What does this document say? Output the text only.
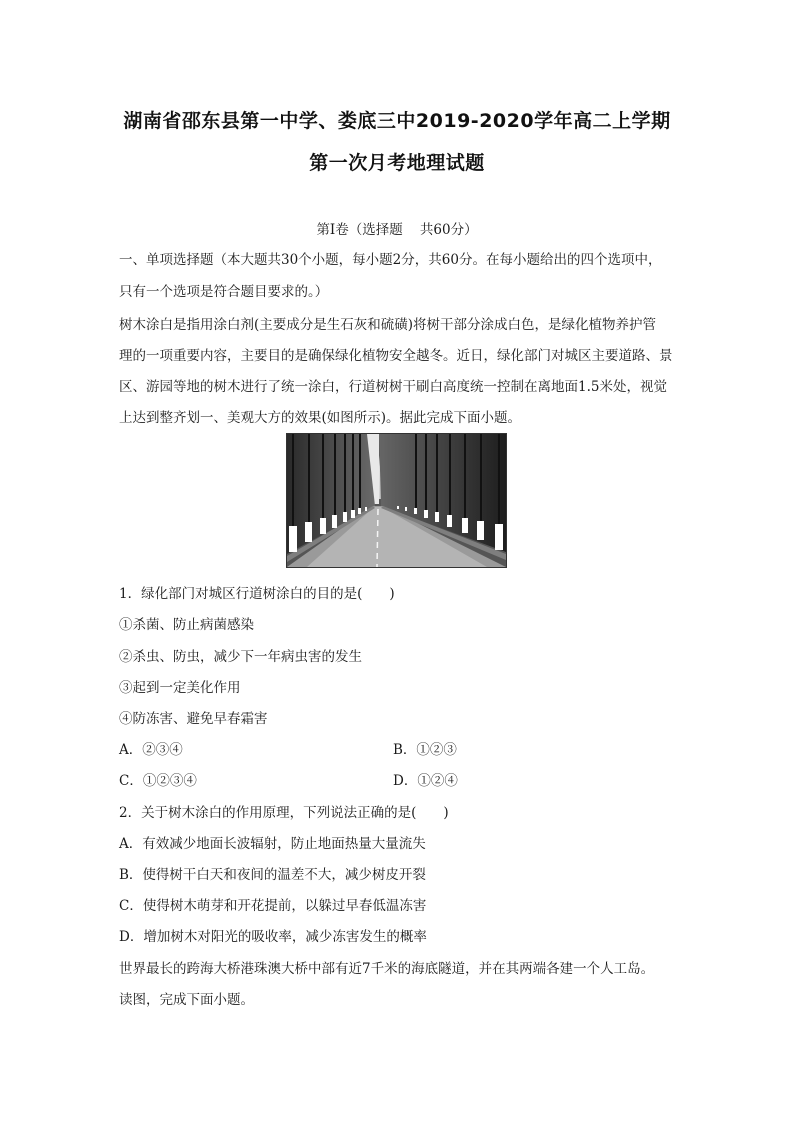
湖南省邵东县第一中学、娄底三中2019-2020学年高二上学期
第一次月考地理试题
第Ⅰ卷（选择题    共60分）
一、单项选择题（本大题共30个小题，每小题2分，共60分。在每小题给出的四个选项中，
只有一个选项是符合题目要求的。）
树木涂白是指用涂白剂(主要成分是生石灰和硫磺)将树干部分涂成白色，是绿化植物养护管
理的一项重要内容，主要目的是确保绿化植物安全越冬。近日，绿化部门对城区主要道路、景
区、游园等地的树木进行了统一涂白，行道树树干刷白高度统一控制在离地面1.5米处，视觉
上达到整齐划一、美观大方的效果(如图所示)。据此完成下面小题。
1．绿化部门对城区行道树涂白的目的是(　　)
①杀菌、防止病菌感染
②杀虫、防虫，减少下一年病虫害的发生
③起到一定美化作用
④防冻害、避免早春霜害
A．②③④	B．①②③
C．①②③④	D．①②④
2．关于树木涂白的作用原理，下列说法正确的是(　　)
A．有效减少地面长波辐射，防止地面热量大量流失
B．使得树干白天和夜间的温差不大，减少树皮开裂
C．使得树木萌芽和开花提前，以躲过早春低温冻害
D．增加树木对阳光的吸收率，减少冻害发生的概率
世界最长的跨海大桥港珠澳大桥中部有近7千米的海底隧道，并在其两端各建一个人工岛。
读图，完成下面小题。
